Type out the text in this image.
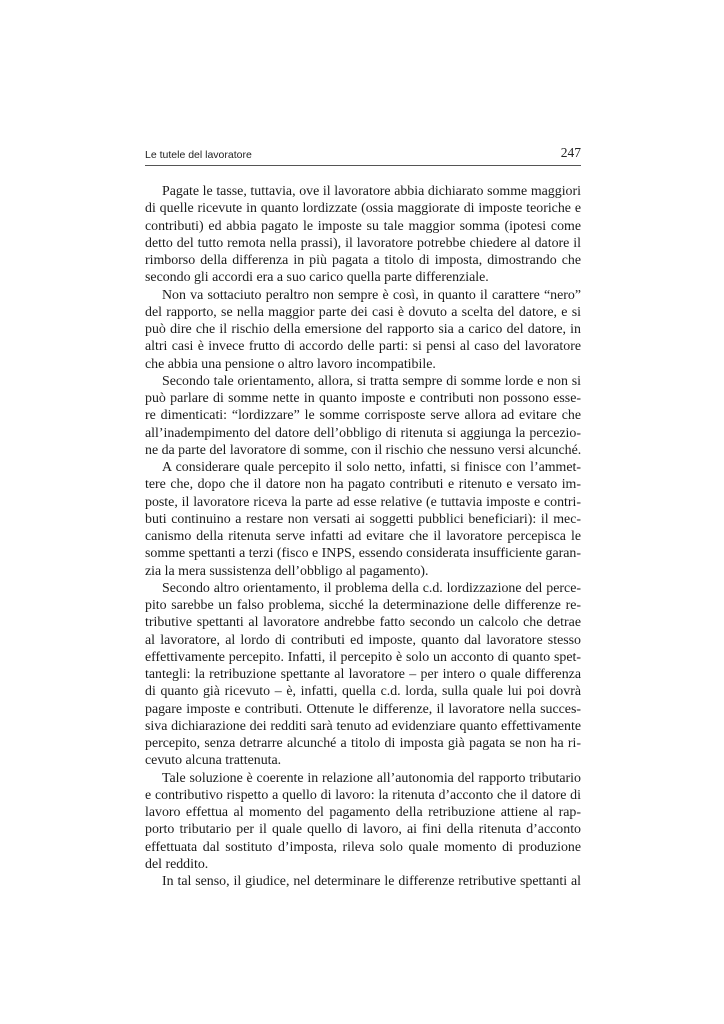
Le tutele del lavoratore	247
Pagate le tasse, tuttavia, ove il lavoratore abbia dichiarato somme maggiori
di quelle ricevute in quanto lordizzate (ossia maggiorate di imposte teoriche e
contributi) ed abbia pagato le imposte su tale maggior somma (ipotesi come
detto del tutto remota nella prassi), il lavoratore potrebbe chiedere al datore il
rimborso della differenza in più pagata a titolo di imposta, dimostrando che
secondo gli accordi era a suo carico quella parte differenziale.
Non va sottaciuto peraltro non sempre è così, in quanto il carattere “nero”
del rapporto, se nella maggior parte dei casi è dovuto a scelta del datore, e si
può dire che il rischio della emersione del rapporto sia a carico del datore, in
altri casi è invece frutto di accordo delle parti: si pensi al caso del lavoratore
che abbia una pensione o altro lavoro incompatibile.
Secondo tale orientamento, allora, si tratta sempre di somme lorde e non si
può parlare di somme nette in quanto imposte e contributi non possono esse-
re dimenticati: “lordizzare” le somme corrisposte serve allora ad evitare che
all’inadempimento del datore dell’obbligo di ritenuta si aggiunga la percezio-
ne da parte del lavoratore di somme, con il rischio che nessuno versi alcunché.
A considerare quale percepito il solo netto, infatti, si finisce con l’ammet-
tere che, dopo che il datore non ha pagato contributi e ritenuto e versato im-
poste, il lavoratore riceva la parte ad esse relative (e tuttavia imposte e contri-
buti continuino a restare non versati ai soggetti pubblici beneficiari): il mec-
canismo della ritenuta serve infatti ad evitare che il lavoratore percepisca le
somme spettanti a terzi (fisco e INPS, essendo considerata insufficiente garan-
zia la mera sussistenza dell’obbligo al pagamento).
Secondo altro orientamento, il problema della c.d. lordizzazione del perce-
pito sarebbe un falso problema, sicché la determinazione delle differenze re-
tributive spettanti al lavoratore andrebbe fatto secondo un calcolo che detrae
al lavoratore, al lordo di contributi ed imposte, quanto dal lavoratore stesso
effettivamente percepito. Infatti, il percepito è solo un acconto di quanto spet-
tantegli: la retribuzione spettante al lavoratore – per intero o quale differenza
di quanto già ricevuto – è, infatti, quella c.d. lorda, sulla quale lui poi dovrà
pagare imposte e contributi. Ottenute le differenze, il lavoratore nella succes-
siva dichiarazione dei redditi sarà tenuto ad evidenziare quanto effettivamente
percepito, senza detrarre alcunché a titolo di imposta già pagata se non ha ri-
cevuto alcuna trattenuta.
Tale soluzione è coerente in relazione all’autonomia del rapporto tributario
e contributivo rispetto a quello di lavoro: la ritenuta d’acconto che il datore di
lavoro effettua al momento del pagamento della retribuzione attiene al rap-
porto tributario per il quale quello di lavoro, ai fini della ritenuta d’acconto
effettuata dal sostituto d’imposta, rileva solo quale momento di produzione
del reddito.
In tal senso, il giudice, nel determinare le differenze retributive spettanti al
